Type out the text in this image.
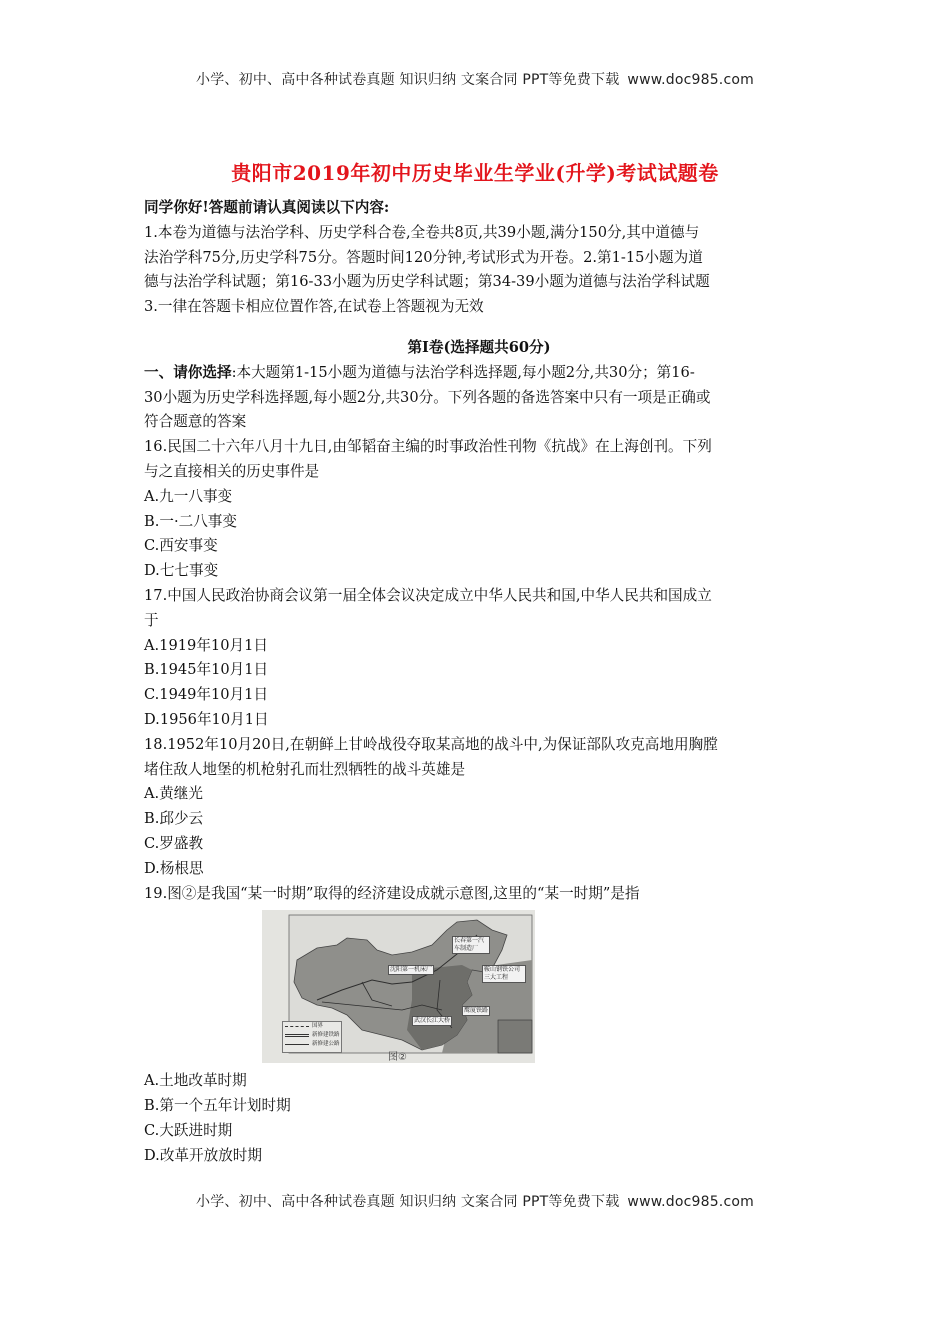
小学、初中、高中各种试卷真题 知识归纳 文案合同 PPT等免费下载 www.doc985.com
贵阳市2019年初中历史毕业生学业(升学)考试试题卷
同学你好!答题前请认真阅读以下内容:
1.本卷为道德与法治学科、历史学科合卷,全卷共8页,共39小题,满分150分,其中道德与
法治学科75分,历史学科75分。答题时间120分钟,考试形式为开卷。2.第1-15小题为道
德与法治学科试题；第16-33小题为历史学科试题；第34-39小题为道德与法治学科试题
3.一律在答题卡相应位置作答,在试卷上答题视为无效
第Ⅰ卷(选择题共60分)
一、请你选择:本大题第1-15小题为道德与法治学科选择题,每小题2分,共30分；第16-
30小题为历史学科选择题,每小题2分,共30分。下列各题的备选答案中只有一项是正确或
符合题意的答案
16.民国二十六年八月十九日,由邹韬奋主编的时事政治性刊物《抗战》在上海创刊。下列
与之直接相关的历史事件是
A.九一八事变
B.一·二八事变
C.西安事变
D.七七事变
17.中国人民政治协商会议第一届全体会议决定成立中华人民共和国,中华人民共和国成立
于
A.1919年10月1日
B.1945年10月1日
C.1949年10月1日
D.1956年10月1日
18.1952年10月20日,在朝鲜上甘岭战役夺取某高地的战斗中,为保证部队攻克高地用胸膛
堵住敌人地堡的机枪射孔而壮烈牺牲的战斗英雄是
A.黄继光
B.邱少云
C.罗盛教
D.杨根思
19.图②是我国“某一时期”取得的经济建设成就示意图,这里的“某一时期”是指
长春第一汽车制造厂
沈阳第一机床厂	鞍山钢铁公司三大工程
武汉长江大桥
鹰厦铁路
国界
新修建铁路
新修建公路
图②
A.土地改革时期
B.第一个五年计划时期
C.大跃进时期
D.改革开放放时期
小学、初中、高中各种试卷真题 知识归纳 文案合同 PPT等免费下载 www.doc985.com
